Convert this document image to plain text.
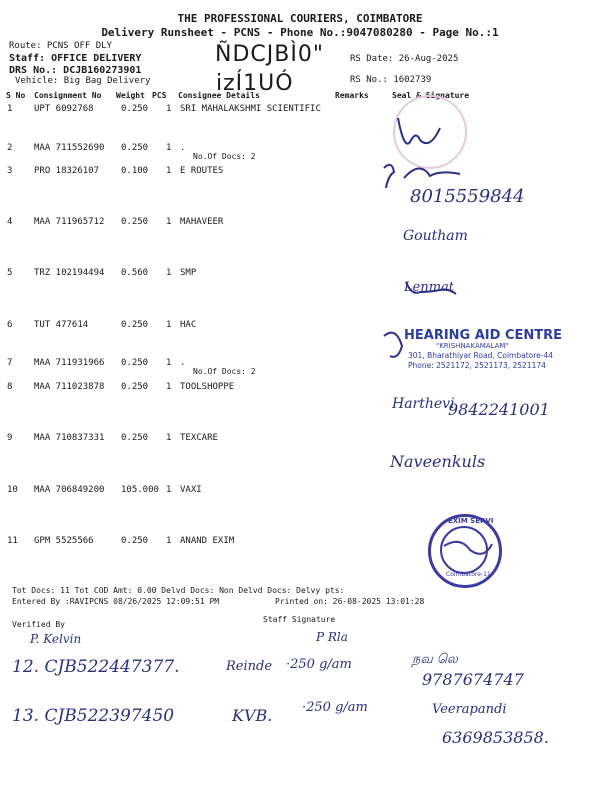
THE PROFESSIONAL COURIERS, COIMBATORE
Delivery Runsheet - PCNS - Phone No.:9047080280 - Page No.:1
ÑDCJBÌ0"
izÍ1UÓ
Route: PCNS OFF DLY
Staff: OFFICE DELIVERY
DRS No.: DCJB160273901
Vehicle: Big Bag Delivery
RS Date: 26-Aug-2025
RS No.: 1602739
S No Consignment No Weight PCS Consignee Details	Remarks	Seal & Signature
1 UPT 6092768	0.250 1 SRI MAHALAKSHMI SCIENTIFIC
2 MAA 711552690 0.250 1 .
No.Of Docs: 2
3 PRO 18326107 0.100 1 E ROUTES
4 MAA 711965712 0.250 1 MAHAVEER
5 TRZ 102194494 0.560 1 SMP
6 TUT 477614	0.250 1 HAC
7 MAA 711931966 0.250 1 .
No.Of Docs: 2
8 MAA 711023878 0.250 1 TOOLSHOPPE
9 MAA 710837331 0.250 1 TEXCARE
10 MAA 706849200 105.000 1 VAXI
11 GPM 5525566	0.250 1 ANAND EXIM
8015559844
Goutham
Lenmat
Harthevi
9842241001
Naveenkuls
HEARING AID CENTRE
"KRISHNAKAMALAM"
301, Bharathiyar Road, Coimbatore-44
Phone: 2521172, 2521173, 2521174
EXIM SERVI
Coimbatore-11
Tot Docs: 11 Tot COD Amt: 0.00 Delvd Docs: Non Delvd Docs: Delvy pts:
Entered By :RAVIPCNS 08/26/2025 12:09:51 PM	Printed on: 26-08-2025 13:01:28
Verified By
Staff Signature
P. Kelvin	P Rla
12. CJB522447377.	Reinde ·250 g/am	நவ லெ
9787674747
13. CJB522397450	KVB. ·250 g/am	Veerapandi
6369853858.
